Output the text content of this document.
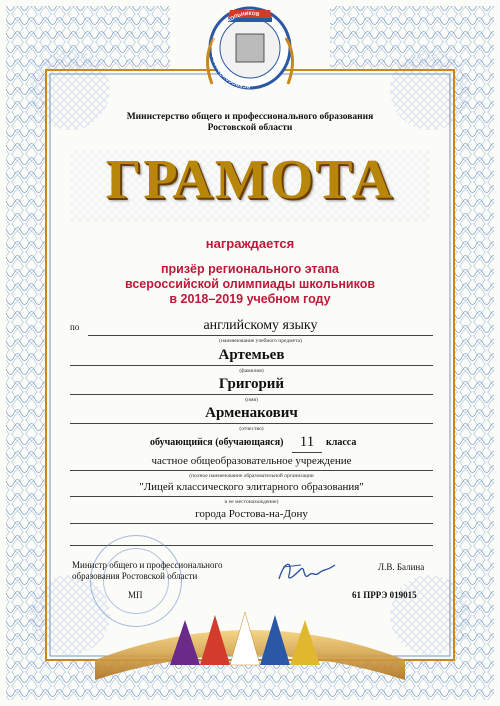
ВСЕРОССИЙСКАЯ ОЛИМПИАДА ШКОЛЬНИКОВ
Министерство общего и профессионального образования
Ростовской области
ГРАМОТА
награждается
призёр регионального этапа
всероссийской олимпиады школьников
в 2018–2019 учебном году
по	английскому языку
(наименование учебного предмета)
Артемьев
(фамилия)
Григорий
(имя)
Арменакович
(отчество)
обучающийся (обучающаяся)	11	класса
частное общеобразовательное учреждение
(полное наименование образовательной организации
"Лицей классического элитарного образования"
и ее местонахождение)
города Ростова-на-Дону
Министр общего и профессионального
образования Ростовской области
МП
Л.В. Балина
61 ПРРЭ 019015
